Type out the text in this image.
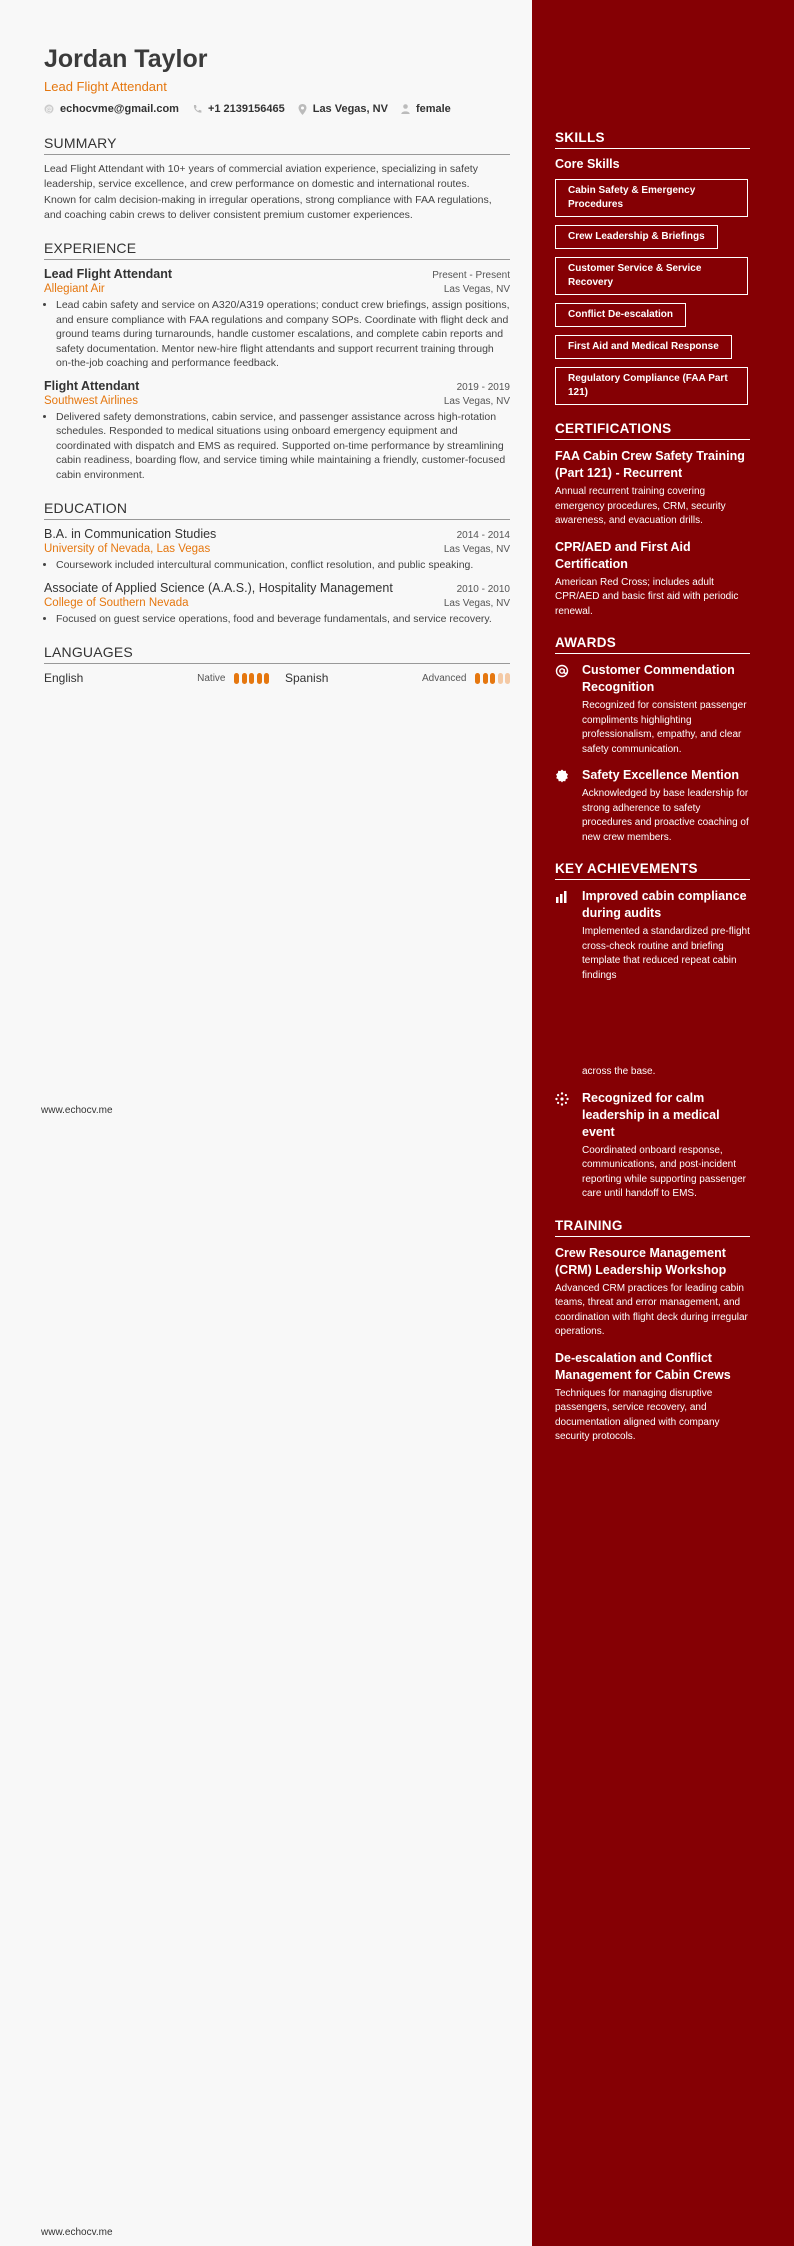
Jordan Taylor
Lead Flight Attendant
@ echocvme@gmail.com	+1 2139156465	Las Vegas, NV	female
SUMMARY

Lead Flight Attendant with 10+ years of commercial aviation experience, specializing in safety leadership, service excellence, and crew performance on domestic and international routes.

Known for calm decision-making in irregular operations, strong compliance with FAA regulations, and coaching cabin crews to deliver consistent premium customer experiences.

EXPERIENCE
Lead Flight Attendant	Present - Present
Allegiant Air	Las Vegas, NV
• Lead cabin safety and service on A320/A319 operations; conduct crew briefings, assign positions, and ensure compliance with FAA regulations and company SOPs. Coordinate with flight deck and ground teams during turnarounds, handle customer escalations, and complete cabin reports and safety documentation. Mentor new-hire flight attendants and support recurrent training through on-the-job coaching and performance feedback.
Flight Attendant	2019 - 2019
Southwest Airlines	Las Vegas, NV
• Delivered safety demonstrations, cabin service, and passenger assistance across high-rotation schedules. Responded to medical situations using onboard emergency equipment and coordinated with dispatch and EMS as required. Supported on-time performance by streamlining cabin readiness, boarding flow, and service timing while maintaining a friendly, customer-focused cabin environment.
EDUCATION
B.A. in Communication Studies	2014 - 2014
University of Nevada, Las Vegas	Las Vegas, NV
• Coursework included intercultural communication, conflict resolution, and public speaking.
Associate of Applied Science (A.A.S.), Hospitality Management	2010 - 2010
College of Southern Nevada	Las Vegas, NV
• Focused on guest service operations, food and beverage fundamentals, and service recovery.
LANGUAGES
English	Native	Spanish	Advanced
www.echocv.me
www.echocv.me
SKILLS
Core Skills
Cabin Safety & Emergency Procedures Crew Leadership & Briefings Customer Service & Service Recovery Conflict De-escalation First Aid and Medical Response Regulatory Compliance (FAA Part 121)
CERTIFICATIONS
FAA Cabin Crew Safety Training (Part 121) - Recurrent
Annual recurrent training covering emergency procedures, CRM, security awareness, and evacuation drills.
CPR/AED and First Aid Certification
American Red Cross; includes adult CPR/AED and basic first aid with periodic renewal.
AWARDS
Customer Commendation Recognition
Recognized for consistent passenger compliments highlighting professionalism, empathy, and clear safety communication.
Safety Excellence Mention
Acknowledged by base leadership for strong adherence to safety procedures and proactive coaching of new crew members.
KEY ACHIEVEMENTS
Improved cabin compliance during audits
Implemented a standardized pre-flight cross-check routine and briefing template that reduced repeat cabin findings
across the base.
Recognized for calm leadership in a medical event
Coordinated onboard response, communications, and post-incident reporting while supporting passenger care until handoff to EMS.
TRAINING
Crew Resource Management (CRM) Leadership Workshop
Advanced CRM practices for leading cabin teams, threat and error management, and coordination with flight deck during irregular operations.
De-escalation and Conflict Management for Cabin Crews
Techniques for managing disruptive passengers, service recovery, and documentation aligned with company security protocols.
